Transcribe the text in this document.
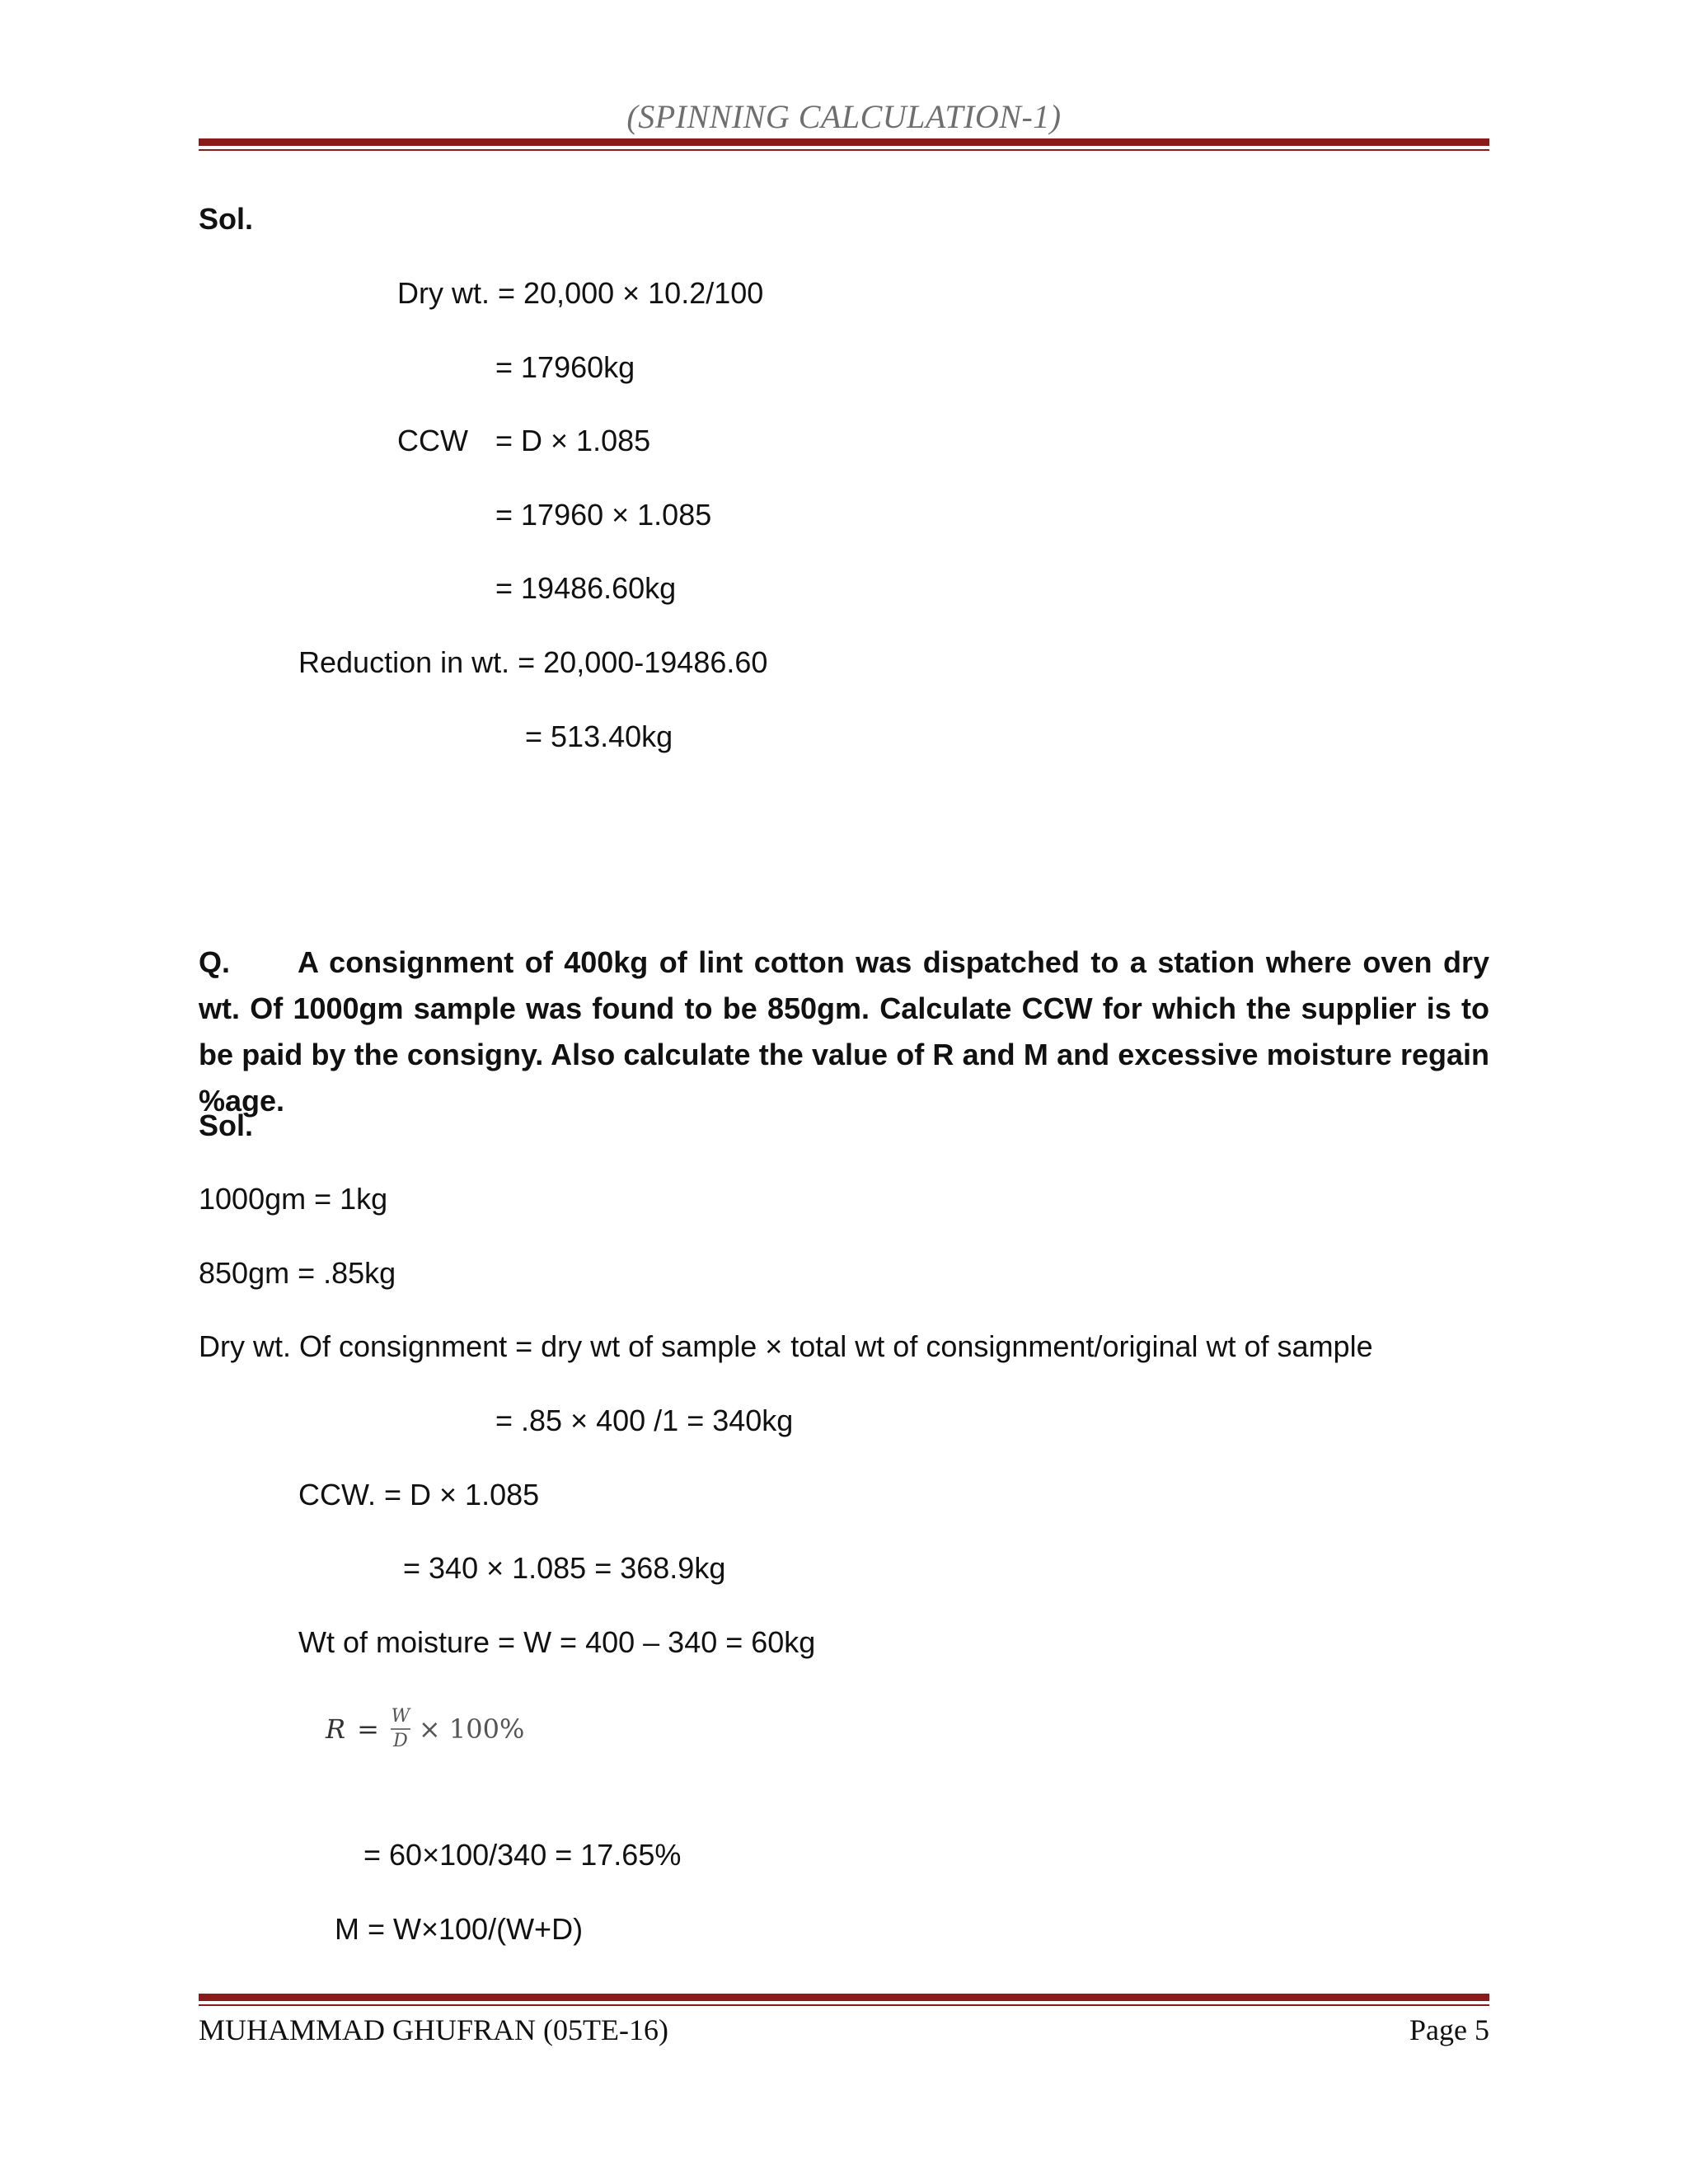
(SPINNING CALCULATION-1)
Sol.
Dry wt. = 20,000 × 10.2/100
= 17960kg
CCW = D × 1.085
= 17960 × 1.085
= 19486.60kg
Reduction in wt. = 20,000-19486.60
= 513.40kg
Q. A consignment of 400kg of lint cotton was dispatched to a station where oven dry wt. Of 1000gm sample was found to be 850gm. Calculate CCW for which the supplier is to be paid by the consigny. Also calculate the value of R and M and excessive moisture regain %age.
Sol.
1000gm = 1kg
850gm = .85kg
Dry wt. Of consignment = dry wt of sample × total wt of consignment/original wt of sample
= .85 × 400 /1 = 340kg
CCW. = D × 1.085
= 340 × 1.085 = 368.9kg
Wt of moisture = W = 400 – 340 = 60kg
$R = \frac{W}{D} \times 100\%$
= 60×100/340 = 17.65%
M = W×100/(W+D)
MUHAMMAD GHUFRAN (05TE-16)	Page 5
